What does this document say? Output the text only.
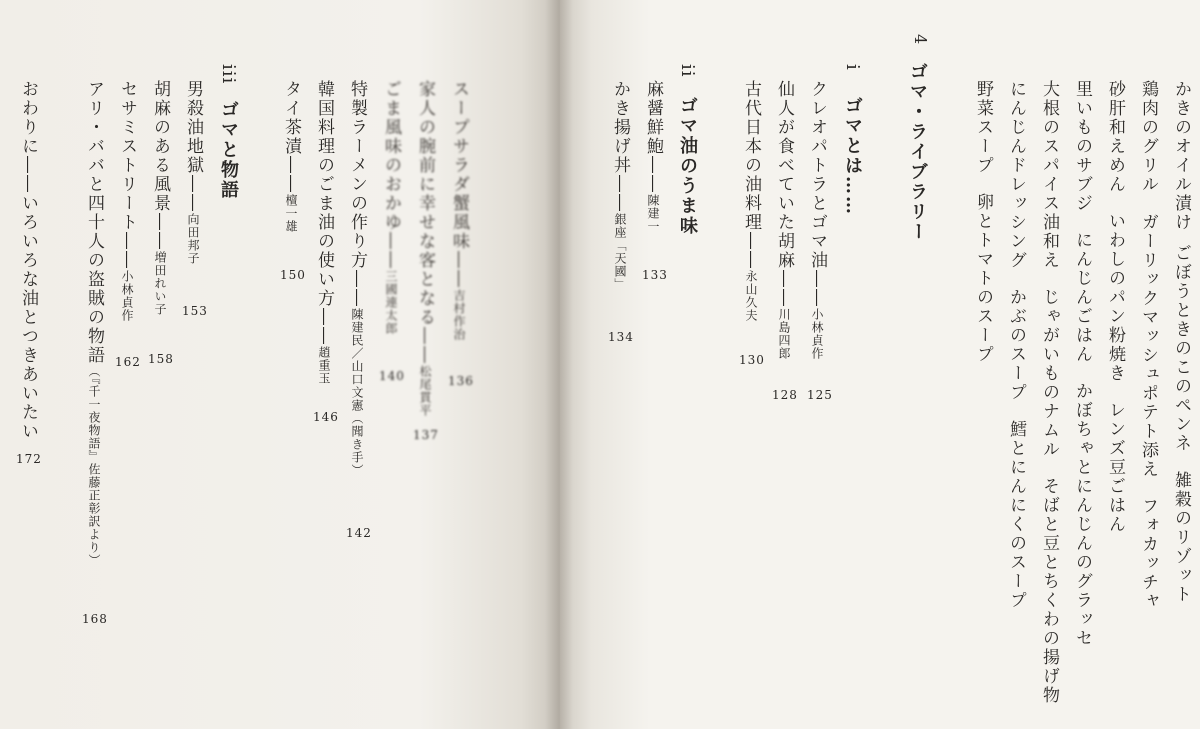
かきのオイル漬けごぼうときのこのペンネ雑穀のリゾット
鶏肉のグリル　ガーリックマッシュポテト添えフォカッチャ
砂肝和えめんいわしのパン粉焼きレンズ豆ごはん
里いものサブジにんじんごはんかぼちゃとにんじんのグラッセ
大根のスパイス油和えじゃがいものナムルそばと豆とちくわの揚げ物
にんじんドレッシングかぶのスープ鱈とにんにくのスープ
野菜スープ卵とトマトのスープ
4
ゴマ・ライブラリー
i
ゴマとは……
クレオパトラとゴマ油――小林貞作
125
仙人が食べていた胡麻――川島四郎
128
古代日本の油料理――永山久夫
130
ii
ゴマ油のうま味
麻醤鮮鮑――陳建一
133
かき揚げ丼――銀座「天國」
134
スープサラダ蟹風味――吉村作治
136
家人の腕前に幸せな客となる――松尾貫平
137
ごま風味のおかゆ――三國連太郎
140
特製ラーメンの作り方――陳建民／山口文憲（聞き手）
142
韓国料理のごま油の使い方――趙重玉
146
タイ茶漬――檀一雄
150
iii
ゴマと物語
男殺油地獄――向田邦子
153
胡麻のある風景――増田れい子
158
セサミストリート――小林貞作
162
アリ・ババと四十人の盗賊の物語（『千一夜物語』佐藤正彰訳より）
168
おわりに――いろいろな油とつきあいたい
172
